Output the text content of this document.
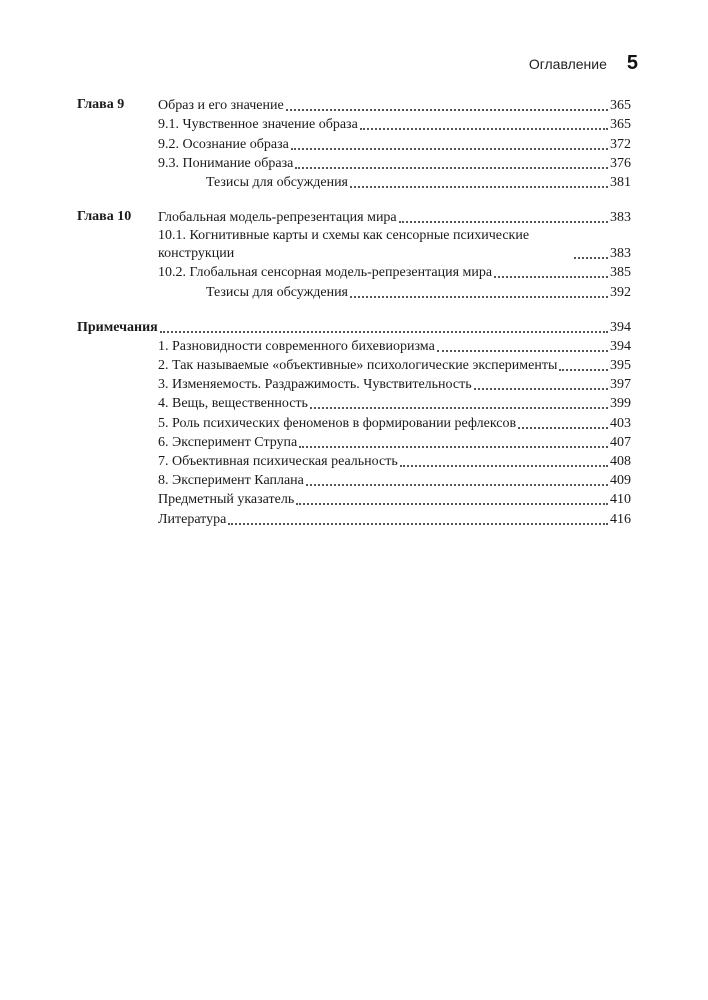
Оглавление 5
Глава 9 Образ и его значение	365
9.1. Чувственное значение образа	365
9.2. Осознание образа	372
9.3. Понимание образа	376
Тезисы для обсуждения	381
Глава 10 Глобальная модель-репрезентация мира	383
10.1. Когнитивные карты и схемы как сенсорные психические конструкции	383
10.2. Глобальная сенсорная модель-репрезентация мира	385
Тезисы для обсуждения	392
Примечания	394
1. Разновидности современного бихевиоризма	394
2. Так называемые «объективные» психологические эксперименты	395
3. Изменяемость. Раздражимость. Чувствительность	397
4. Вещь, вещественность	399
5. Роль психических феноменов в формировании рефлексов	403
6. Эксперимент Струпа	407
7. Объективная психическая реальность	408
8. Эксперимент Каплана	409
Предметный указатель	410
Литература	416
